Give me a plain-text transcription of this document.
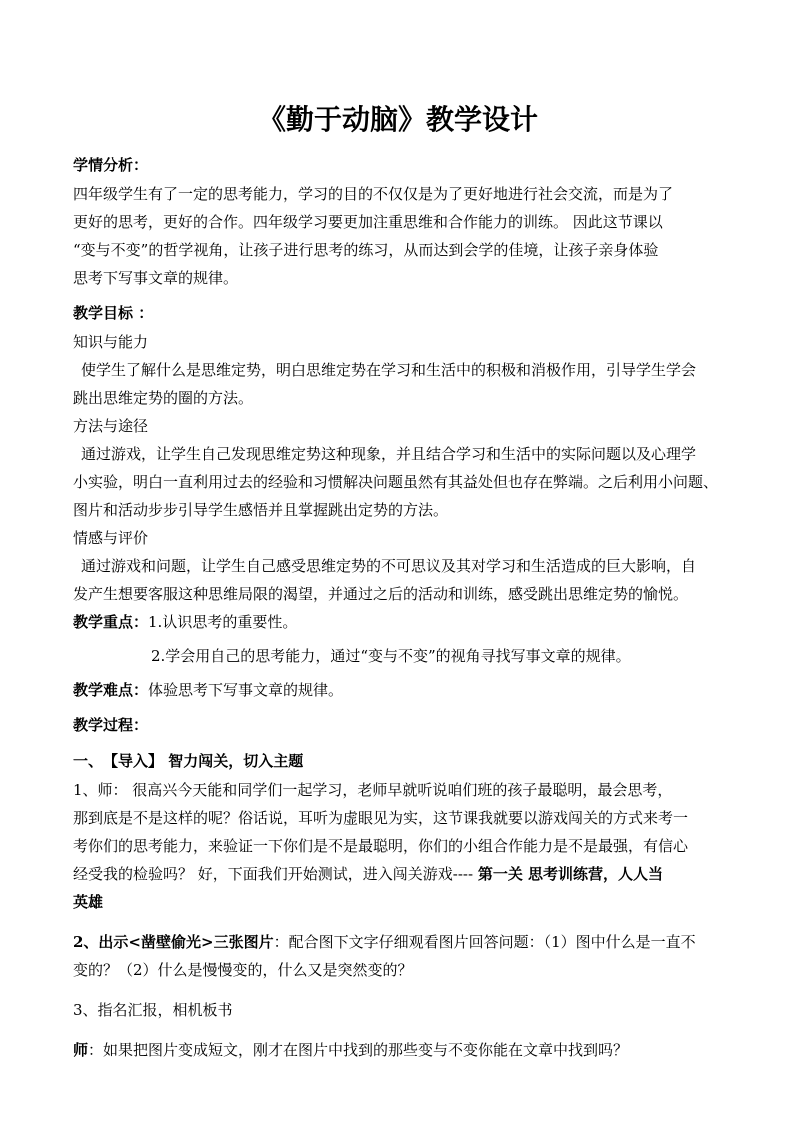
《勤于动脑》教学设计
学情分析：
四年级学生有了一定的思考能力，学习的目的不仅仅是为了更好地进行社会交流，而是为了
更好的思考，更好的合作。四年级学习要更加注重思维和合作能力的训练。 因此这节课以
“变与不变”的哲学视角，让孩子进行思考的练习，从而达到会学的佳境，让孩子亲身体验
思考下写事文章的规律。
教学目标 ：
知识与能力
使学生了解什么是思维定势，明白思维定势在学习和生活中的积极和消极作用，引导学生学会
跳出思维定势的圈的方法。
方法与途径
通过游戏，让学生自己发现思维定势这种现象，并且结合学习和生活中的实际问题以及心理学
小实验，明白一直利用过去的经验和习惯解决问题虽然有其益处但也存在弊端。之后利用小问题、
图片和活动步步引导学生感悟并且掌握跳出定势的方法。
情感与评价
通过游戏和问题，让学生自己感受思维定势的不可思议及其对学习和生活造成的巨大影响，自
发产生想要客服这种思维局限的渴望，并通过之后的活动和训练，感受跳出思维定势的愉悦。
教学重点：1.认识思考的重要性。
2.学会用自己的思考能力，通过“变与不变”的视角寻找写事文章的规律。
教学难点：体验思考下写事文章的规律。
教学过程：
一、　【导入】 智力闯关，切入主题
1、师： 很高兴今天能和同学们一起学习，老师早就听说咱们班的孩子最聪明，最会思考，
那到底是不是这样的呢？俗话说，耳听为虚眼见为实，这节课我就要以游戏闯关的方式来考一
考你们的思考能力，来验证一下你们是不是最聪明，你们的小组合作能力是不是最强，有信心
经受我的检验吗？ 好，下面我们开始测试，进入闯关游戏---- 第一关 思考训练营，人人当
英雄
2、出示<凿壁偷光>三张图片：配合图下文字仔细观看图片回答问题：（1）图中什么是一直不
变的？（2）什么是慢慢变的，什么又是突然变的？
3、指名汇报，相机板书
师：如果把图片变成短文，刚才在图片中找到的那些变与不变你能在文章中找到吗？
